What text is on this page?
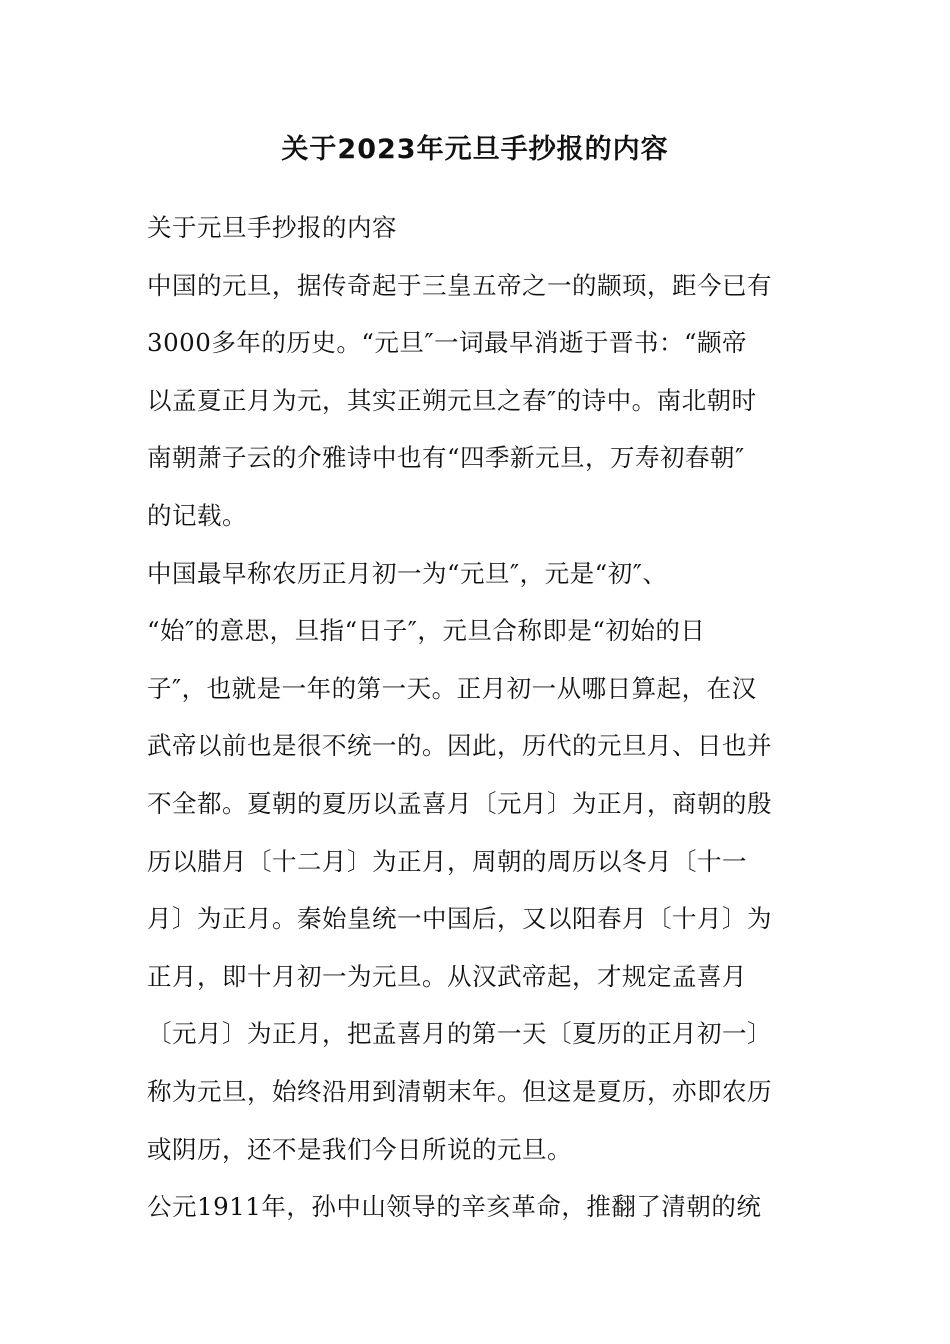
关于2023年元旦手抄报的内容
关于元旦手抄报的内容
中国的元旦，据传奇起于三皇五帝之一的颛顼，距今已有
3000多年的历史。“元旦″一词最早消逝于晋书：“颛帝
以孟夏正月为元，其实正朔元旦之春″的诗中。南北朝时
南朝萧子云的介雅诗中也有“四季新元旦，万寿初春朝″
的记载。
中国最早称农历正月初一为“元旦″，元是“初″、
“始″的意思，旦指“日子″，元旦合称即是“初始的日
子″，也就是一年的第一天。正月初一从哪日算起，在汉
武帝以前也是很不统一的。因此，历代的元旦月、日也并
不全都。夏朝的夏历以孟喜月〔元月〕为正月，商朝的殷
历以腊月〔十二月〕为正月，周朝的周历以冬月〔十一
月〕为正月。秦始皇统一中国后，又以阳春月〔十月〕为
正月，即十月初一为元旦。从汉武帝起，才规定孟喜月
〔元月〕为正月，把孟喜月的第一天〔夏历的正月初一〕
称为元旦，始终沿用到清朝末年。但这是夏历，亦即农历
或阴历，还不是我们今日所说的元旦。
公元1911年，孙中山领导的辛亥革命，推翻了清朝的统
